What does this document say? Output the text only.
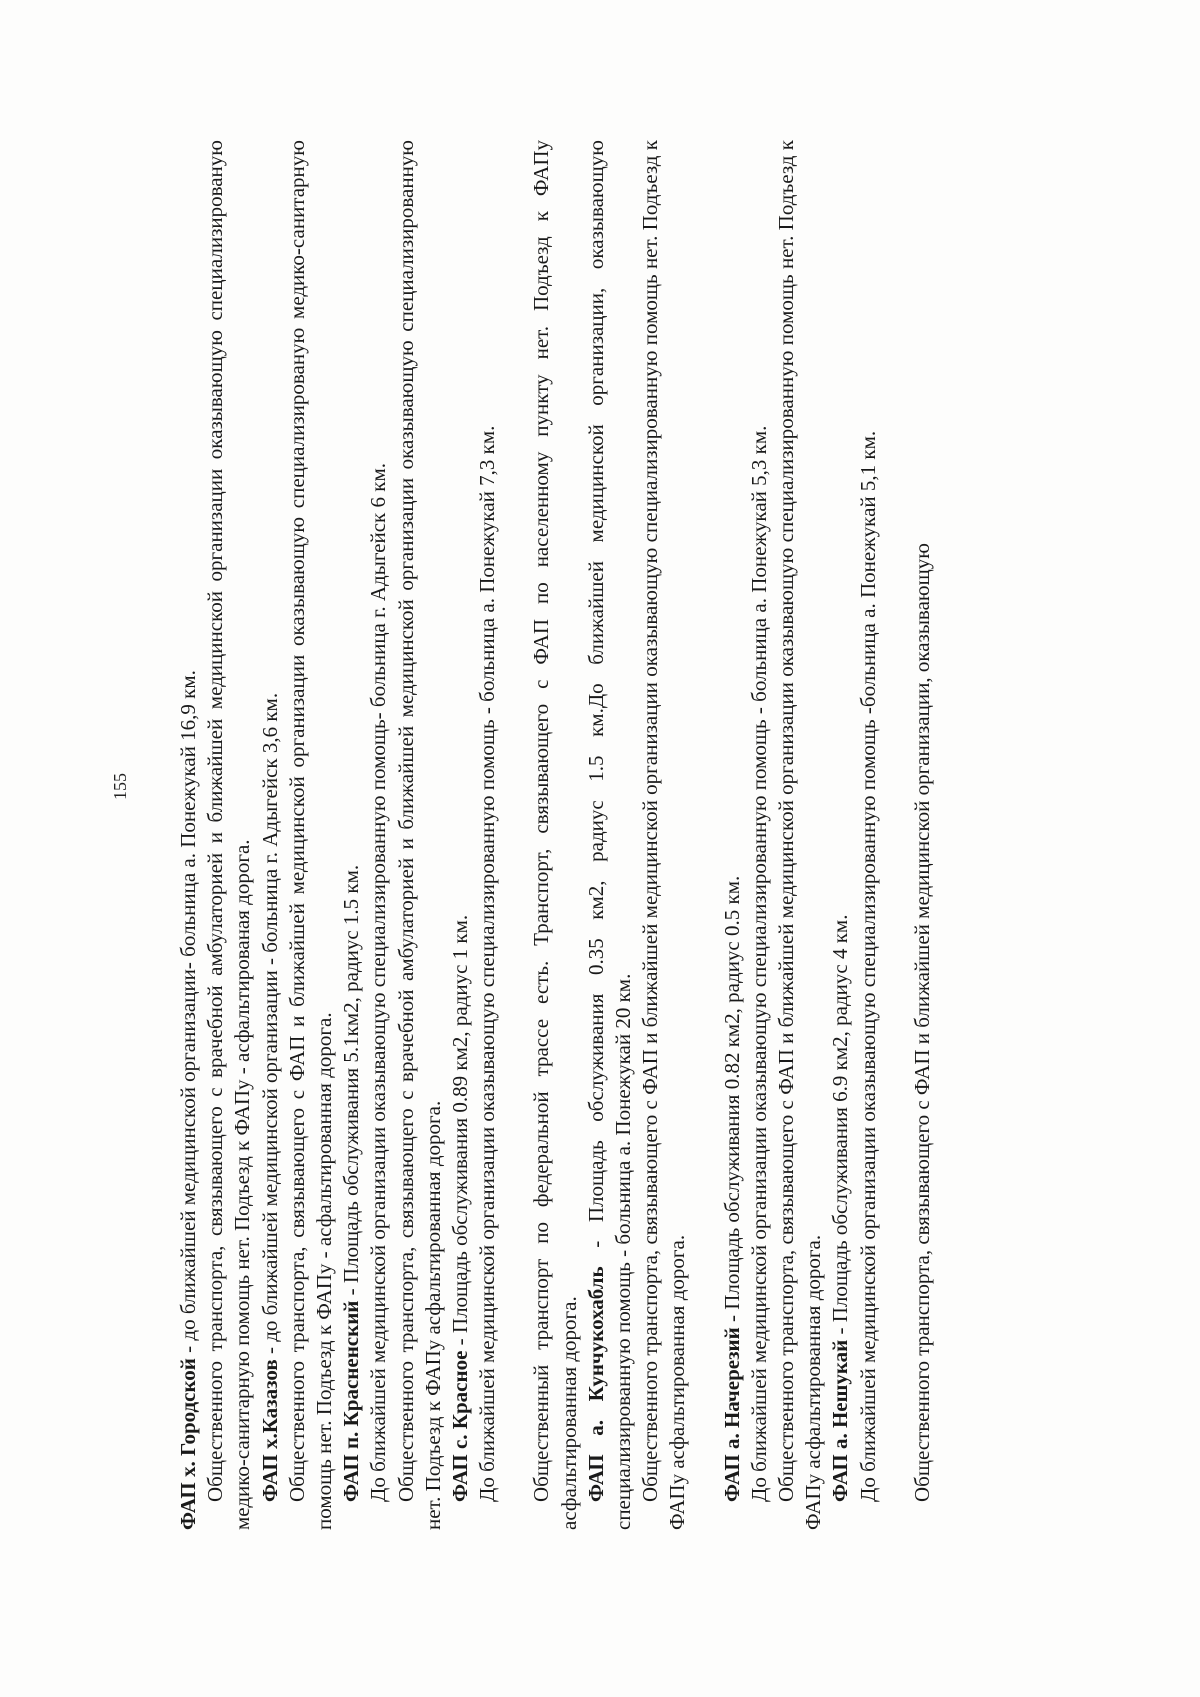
155

ФАП х. Городской - до ближайшей медицинской организации- больница а. Понежукай 16,9 км. Общественного транспорта, связывающего с врачебной амбулаторией и ближайшей медицинской организации оказывающую специализированую медико-санитарную помощь нет. Подъезд к ФАПу - асфальтированая дорога. ФАП х.Казазов - до ближайшей медицинской организации - больница г. Адыгейск 3,6 км. Общественного транспорта, связывающего с ФАП и ближайшей медицинской организации оказывающую специализированую медико-санитарную помощь нет. Подъезд к ФАПу - асфальтированная дорога. ФАП п. Красненский - Площадь обслуживания 5.1км2, радиус 1.5 км. До ближайшей медицинской организации оказывающую специализированную помощь- больница г. Адыгейск 6 км. Общественного транспорта, связывающего с врачебной амбулаторией и ближайшей медицинской организации оказывающую специализированную нет. Подъезд к ФАПу асфальтированная дорога. ФАП с. Красное - Площадь обслуживания 0.89 км2, радиус 1 км. До ближайшей медицинской организации оказывающую специализированную помощь - больница а. Понежукай 7,3 км. Общественный транспорт по федеральной трассе есть. Транспорт, связывающего с ФАП по населенному пункту нет. Подъезд к ФАПу асфальтированная дорога. ФАП а. Кунчукохабль - Площадь обслуживания 0.35 км2, радиус 1.5 км.До ближайшей медицинской организации, оказывающую специализированную помощь - больница а. Понежукай 20 км. Общественного транспорта, связывающего с ФАП и ближайшей медицинской организации оказывающую специализированную помощь нет. Подъезд к ФАПу асфальтированная дорога. ФАП а. Начерезий - Площадь обслуживания 0.82 км2, радиус 0.5 км. До ближайшей медицинской организации оказывающую специализированную помощь - больница а. Понежукай 5,3 км. Общественного транспорта, связывающего с ФАП и ближайшей медицинской организации оказывающую специализированную помощь нет. Подъезд к ФАПу асфальтированная дорога. ФАП а. Нешукай - Площадь обслуживания 6.9 км2, радиус 4 км. До ближайшей медицинской организации оказывающую специализированную помощь -больница а. Понежукай 5,1 км. Общественного транспорта, связывающего с ФАП и ближайшей медицинской организации, оказывающую
